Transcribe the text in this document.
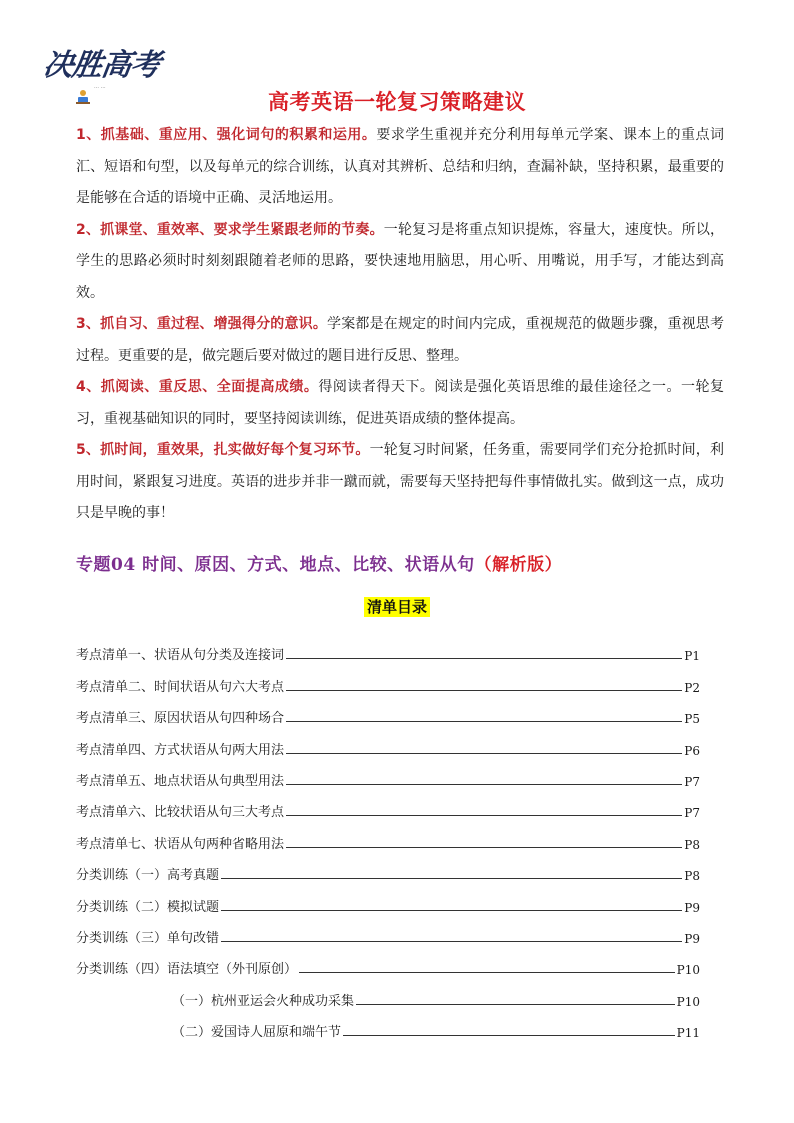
决胜高考
… …
高考英语一轮复习策略建议

1、抓基础、重应用、强化词句的积累和运用。要求学生重视并充分利用每单元学案、课本上的重点词汇、短语和句型，以及每单元的综合训练，认真对其辨析、总结和归纳，查漏补缺，坚持积累，最重要的是能够在合适的语境中正确、灵活地运用。

2、抓课堂、重效率、要求学生紧跟老师的节奏。一轮复习是将重点知识提炼，容量大，速度快。所以，学生的思路必须时时刻刻跟随着老师的思路，要快速地用脑思，用心听、用嘴说，用手写，才能达到高效。

3、抓自习、重过程、增强得分的意识。学案都是在规定的时间内完成，重视规范的做题步骤，重视思考过程。更重要的是，做完题后要对做过的题目进行反思、整理。

4、抓阅读、重反思、全面提高成绩。得阅读者得天下。阅读是强化英语思维的最佳途径之一。一轮复习，重视基础知识的同时，要坚持阅读训练，促进英语成绩的整体提高。

5、抓时间，重效果，扎实做好每个复习环节。一轮复习时间紧，任务重，需要同学们充分抢抓时间，利用时间，紧跟复习进度。英语的进步并非一蹴而就，需要每天坚持把每件事情做扎实。做到这一点，成功只是早晚的事！

专题04 时间、原因、方式、地点、比较、状语从句（解析版）
清单目录
考点清单一、状语从句分类及连接词	P1
考点清单二、时间状语从句六大考点	P2
考点清单三、原因状语从句四种场合	P5
考点清单四、方式状语从句两大用法	P6
考点清单五、地点状语从句典型用法	P7
考点清单六、比较状语从句三大考点	P7
考点清单七、状语从句两种省略用法	P8
分类训练（一）高考真题	P8
分类训练（二）模拟试题	P9
分类训练（三）单句改错	P9
分类训练（四）语法填空（外刊原创）	P10
（一）杭州亚运会火种成功采集	P10
（二）爱国诗人屈原和端午节	P11
